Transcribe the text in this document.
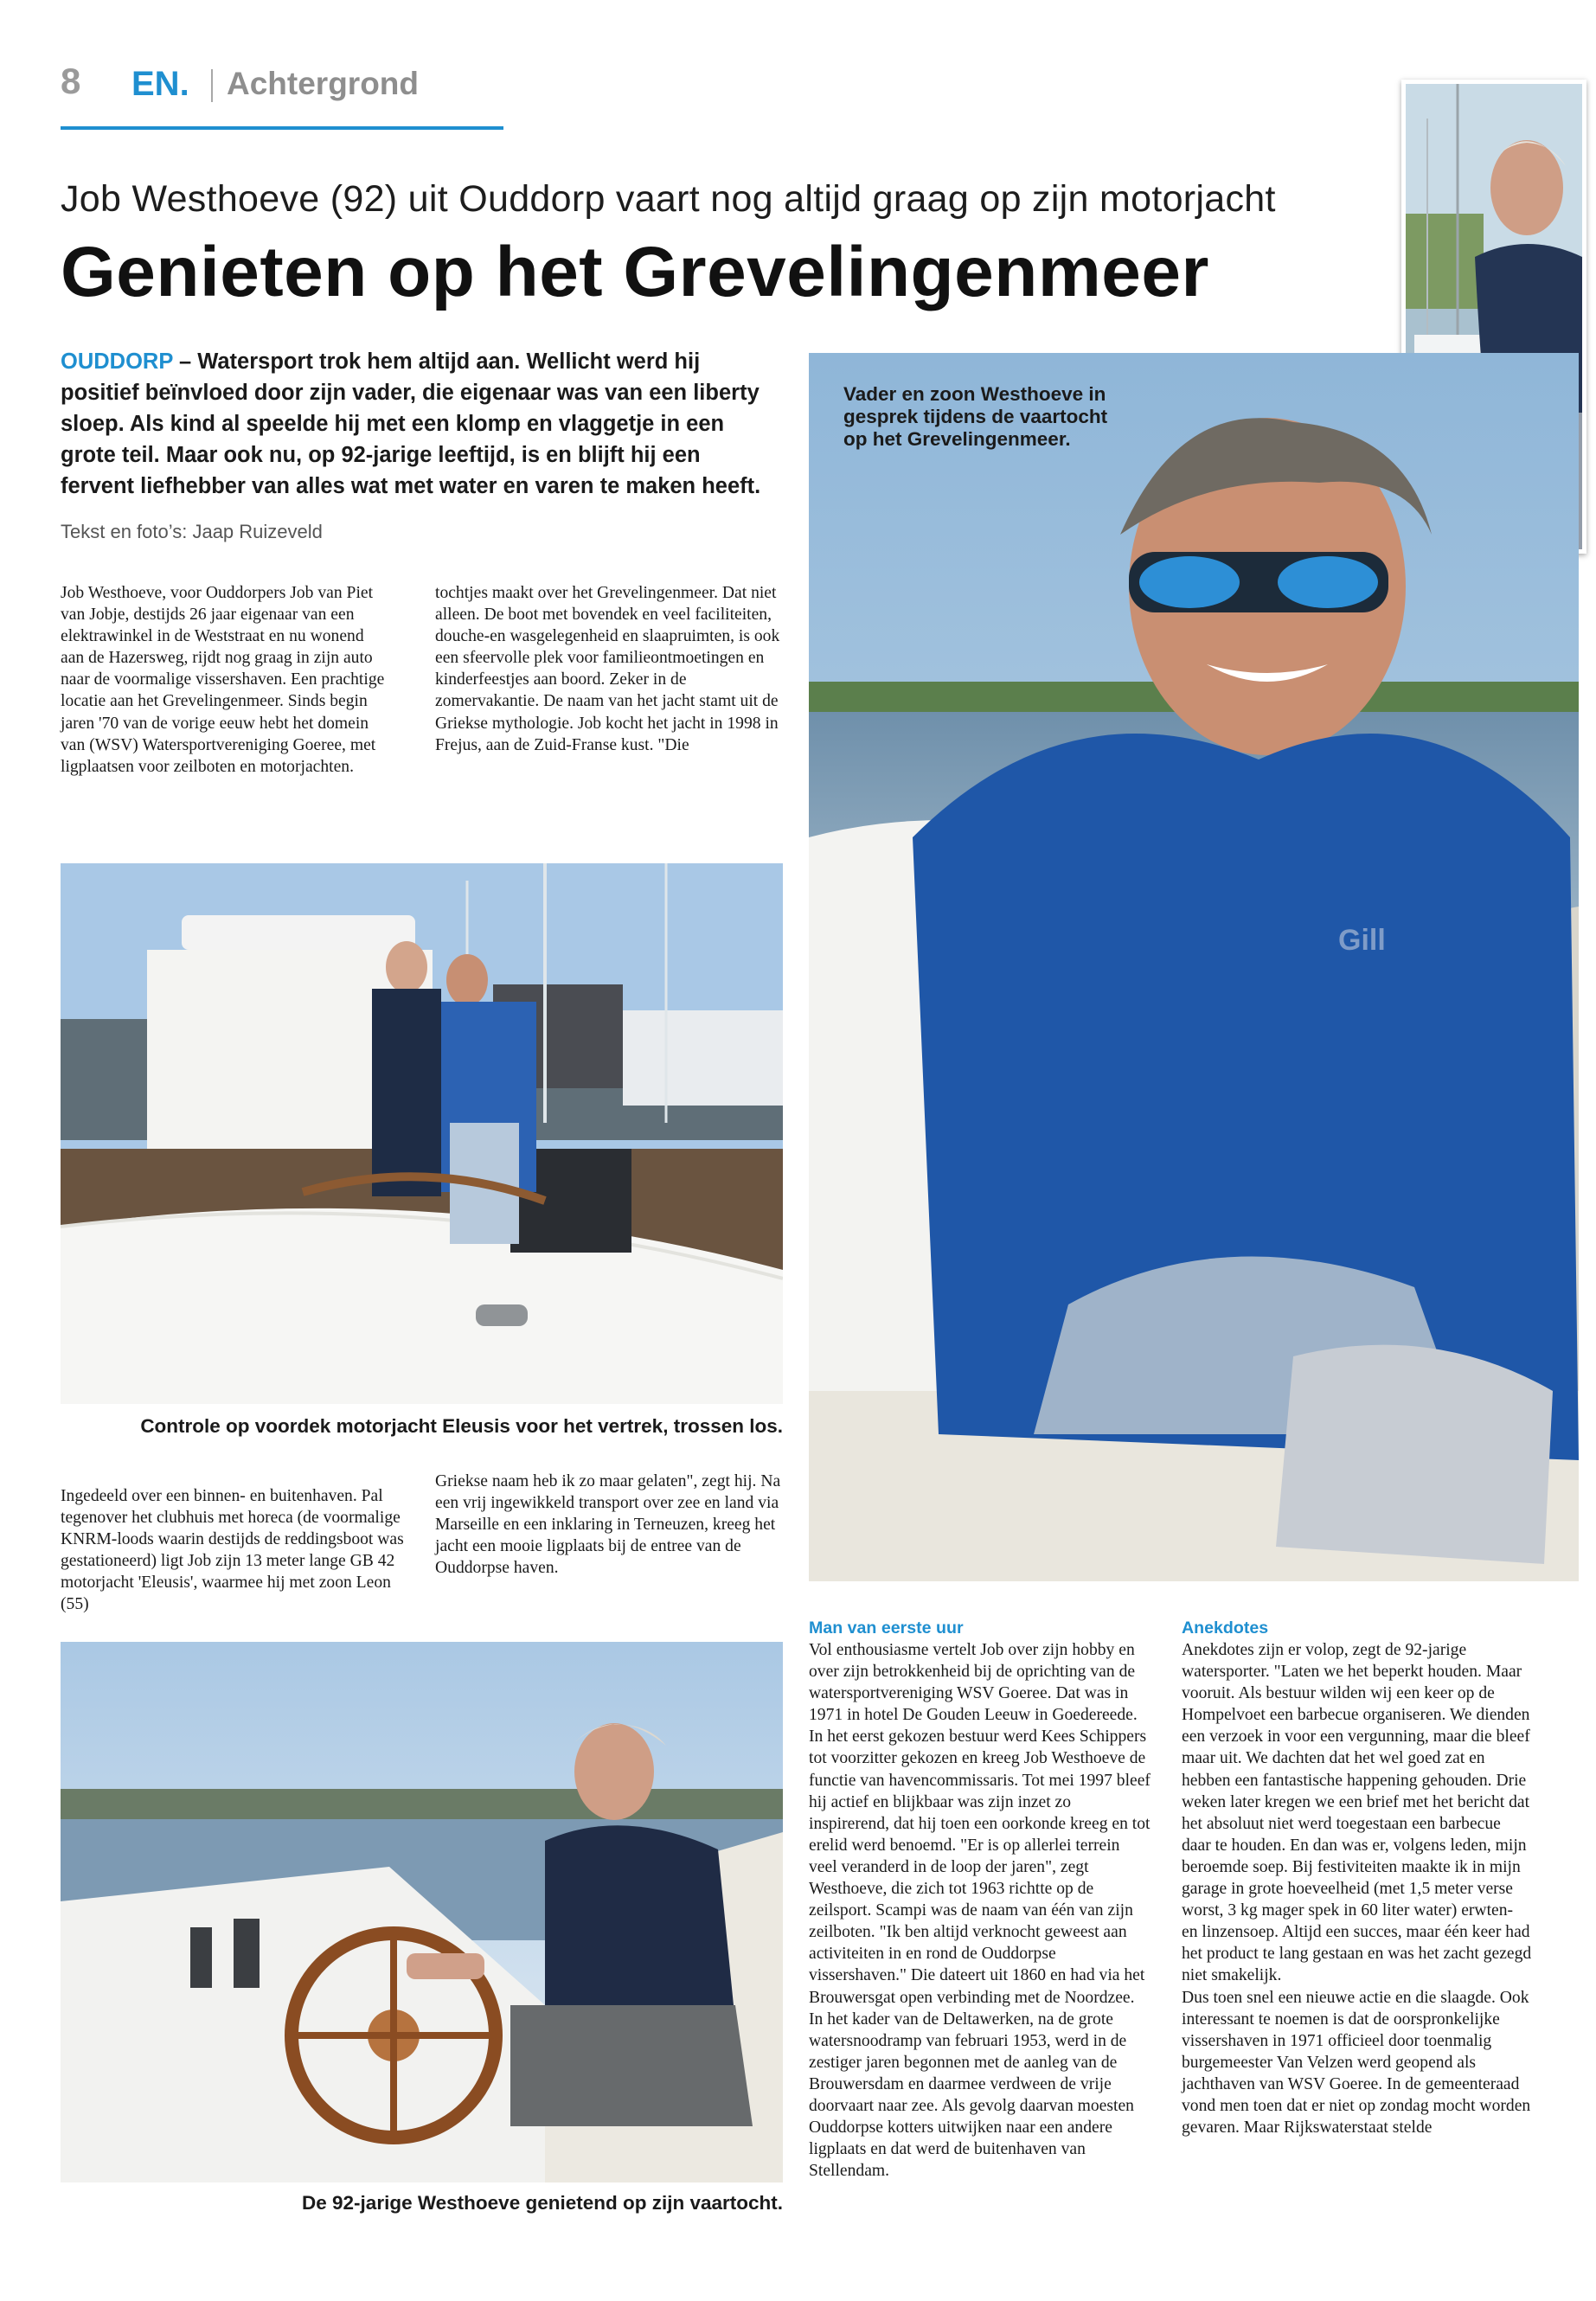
8 EN. Achtergrond
Job Westhoeve (92) uit Ouddorp vaart nog altijd graag op zijn motorjacht
Genieten op het Grevelingenmeer
OUDDORP – Watersport trok hem altijd aan. Wellicht werd hij positief beïnvloed door zijn vader, die eigenaar was van een liberty sloep. Als kind al speelde hij met een klomp en vlaggetje in een grote teil. Maar ook nu, op 92-jarige leeftijd, is en blijft hij een fervent liefhebber van alles wat met water en varen te maken heeft.
Tekst en foto’s: Jaap Ruizeveld
Job Westhoeve, voor Ouddorpers Job van Piet van Jobje, destijds 26 jaar eigenaar van een elektrawinkel in de Weststraat en nu wonend aan de Hazersweg, rijdt nog graag in zijn auto naar de voormalige vissershaven. Een prachtige locatie aan het Grevelingenmeer. Sinds begin jaren '70 van de vorige eeuw hebt het domein van (WSV) Watersportvereniging Goeree, met ligplaatsen voor zeilboten en motorjachten.
tochtjes maakt over het Grevelingenmeer. Dat niet alleen. De boot met bovendek en veel faciliteiten, douche-en wasgelegenheid en slaapruimten, is ook een sfeervolle plek voor familieontmoetingen en kinderfeestjes aan boord. Zeker in de zomervakantie. De naam van het jacht stamt uit de Griekse mythologie. Job kocht het jacht in 1998 in Frejus, aan de Zuid-Franse kust. "Die
Ingedeeld over een binnen- en buitenhaven. Pal tegenover het clubhuis met horeca (de voormalige KNRM-loods waarin destijds de reddingsboot was gestationeerd) ligt Job zijn 13 meter lange GB 42 motorjacht 'Eleusis', waarmee hij met zoon Leon (55)
Griekse naam heb ik zo maar gelaten", zegt hij. Na een vrij ingewikkeld transport over zee en land via Marseille en een inklaring in Terneuzen, kreeg het jacht een mooie ligplaats bij de entree van de Ouddorpse haven.
Man van eerste uur
Vol enthousiasme vertelt Job over zijn hobby en over zijn betrokkenheid bij de oprichting van de watersportvereniging WSV Goeree. Dat was in 1971 in hotel De Gouden Leeuw in Goedereede. In het eerst gekozen bestuur werd Kees Schippers tot voorzitter gekozen en kreeg Job Westhoeve de functie van havencommissaris. Tot mei 1997 bleef hij actief en blijkbaar was zijn inzet zo inspirerend, dat hij toen een oorkonde kreeg en tot erelid werd benoemd. "Er is op allerlei terrein veel veranderd in de loop der jaren", zegt Westhoeve, die zich tot 1963 richtte op de zeilsport. Scampi was de naam van één van zijn zeilboten. "Ik ben altijd verknocht geweest aan activiteiten in en rond de Ouddorpse vissershaven." Die dateert uit 1860 en had via het Brouwersgat open verbinding met de Noordzee. In het kader van de Deltawerken, na de grote watersnoodramp van februari 1953, werd in de zestiger jaren begonnen met de aanleg van de Brouwersdam en daarmee verdween de vrije doorvaart naar zee. Als gevolg daarvan moesten Ouddorpse kotters uitwijken naar een andere ligplaats en dat werd de buitenhaven van Stellendam.
Anekdotes
Anekdotes zijn er volop, zegt de 92-jarige watersporter. "Laten we het beperkt houden. Maar vooruit. Als bestuur wilden wij een keer op de Hompelvoet een barbecue organiseren. We dienden een verzoek in voor een vergunning, maar die bleef maar uit. We dachten dat het wel goed zat en hebben een fantastische happening gehouden. Drie weken later kregen we een brief met het bericht dat het absoluut niet werd toegestaan een barbecue daar te houden. En dan was er, volgens leden, mijn beroemde soep. Bij festiviteiten maakte ik in mijn garage in grote hoeveelheid (met 1,5 meter verse worst, 3 kg mager spek in 60 liter water) erwten- en linzensoep. Altijd een succes, maar één keer had het product te lang gestaan en was het zacht gezegd niet smakelijk.
Dus toen snel een nieuwe actie en die slaagde. Ook interessant te noemen is dat de oorspronkelijke vissershaven in 1971 officieel door toenmalig burgemeester Van Velzen werd geopend als jachthaven van WSV Goeree. In de gemeenteraad vond men toen dat er niet op zondag mocht worden gevaren. Maar Rijkswaterstaat stelde
Gill
Vader en zoon Westhoeve in gesprek tijdens de vaartocht op het Grevelingenmeer.
Controle op voordek motorjacht Eleusis voor het vertrek, trossen los.
De 92-jarige Westhoeve genietend op zijn vaartocht.
